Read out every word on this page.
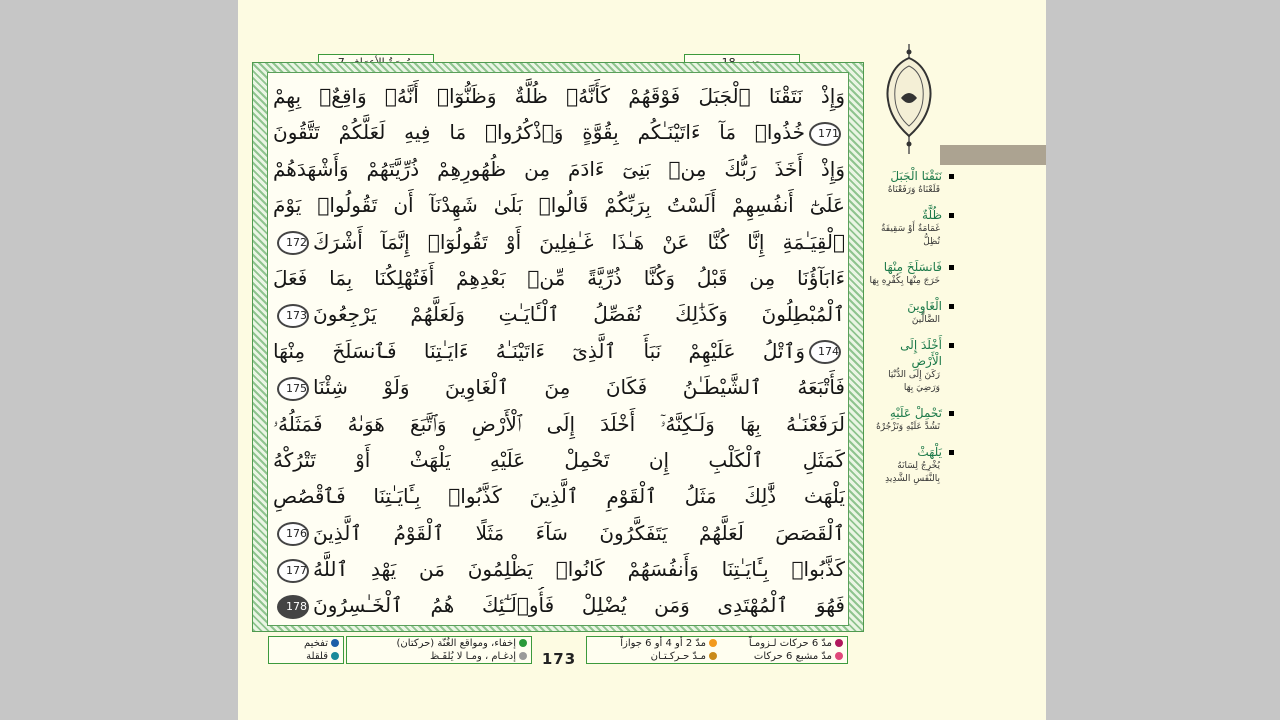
وَإِذْ نَتَقْنَا ٱلْجَبَلَ فَوْقَهُمْ كَأَنَّهُۥ ظُلَّةٌ وَظَنُّوٓا۟ أَنَّهُۥ وَاقِعٌۢ بِهِمْ
171خُذُوا۟ مَآ ءَاتَيْنَـٰكُم بِقُوَّةٍ وَٱذْكُرُوا۟ مَا فِيهِ لَعَلَّكُمْ تَتَّقُونَ
وَإِذْ أَخَذَ رَبُّكَ مِنۢ بَنِىٓ ءَادَمَ مِن ظُهُورِهِمْ ذُرِّيَّتَهُمْ وَأَشْهَدَهُمْ
عَلَىٰٓ أَنفُسِهِمْ أَلَسْتُ بِرَبِّكُمْ قَالُوا۟ بَلَىٰ شَهِدْنَآ أَن تَقُولُوا۟ يَوْمَ
ٱلْقِيَـٰمَةِ إِنَّا كُنَّا عَنْ هَـٰذَا غَـٰفِلِينَ أَوْ تَقُولُوٓا۟ إِنَّمَآ أَشْرَكَ172
ءَابَآؤُنَا مِن قَبْلُ وَكُنَّا ذُرِّيَّةً مِّنۢ بَعْدِهِمْ أَفَتُهْلِكُنَا بِمَا فَعَلَ
ٱلْمُبْطِلُونَ وَكَذَٰلِكَ نُفَصِّلُ ٱلْـَٔايَـٰتِ وَلَعَلَّهُمْ يَرْجِعُونَ173
174وَٱتْلُ عَلَيْهِمْ نَبَأَ ٱلَّذِىٓ ءَاتَيْنَـٰهُ ءَايَـٰتِنَا فَٱنسَلَخَ مِنْهَا
فَأَتْبَعَهُ ٱلشَّيْطَـٰنُ فَكَانَ مِنَ ٱلْغَاوِينَ وَلَوْ شِئْنَا175
لَرَفَعْنَـٰهُ بِهَا وَلَـٰكِنَّهُۥٓ أَخْلَدَ إِلَى ٱلْأَرْضِ وَٱتَّبَعَ هَوَىٰهُ فَمَثَلُهُۥ
كَمَثَلِ ٱلْكَلْبِ إِن تَحْمِلْ عَلَيْهِ يَلْهَثْ أَوْ تَتْرُكْهُ
يَلْهَث ذَّٰلِكَ مَثَلُ ٱلْقَوْمِ ٱلَّذِينَ كَذَّبُوا۟ بِـَٔايَـٰتِنَا فَٱقْصُصِ
ٱلْقَصَصَ لَعَلَّهُمْ يَتَفَكَّرُونَ سَآءَ مَثَلًا ٱلْقَوْمُ ٱلَّذِينَ176
كَذَّبُوا۟ بِـَٔايَـٰتِنَا وَأَنفُسَهُمْ كَانُوا۟ يَظْلِمُونَ مَن يَهْدِ ٱللَّهُ177
فَهُوَ ٱلْمُهْتَدِى وَمَن يُضْلِلْ فَأُو۟لَـٰٓئِكَ هُمُ ٱلْخَـٰسِرُونَ178
مدّ 6 حركات لـزومـاً
مدّ مشبع 6 حركات
مدّ 2 أو 4 أو 6 جوازاً
مـدّ حـركـتـان
173
إخفاء، ومواقع الغُنّة (حركتان)
إدغـام ، ومـا لا يُلفَـظ
تفخيم
قلقلة
نَتَقْنَا الْجَبَلَ
قَلَعْنَاهُ وَرَفَعْنَاهُ
ظُلَّةٌ
غَمَامَةٌ أَوْ سَقِيفَةٌ تُظِلُّ
فَانسَلَخَ مِنْهَا
خَرَجَ مِنْهَا بِكُفْرِهِ بِهَا
الْغَاوِينَ
الضَّالِّينَ
أَخْلَدَ إِلَى الْأَرْضِ
رَكَنَ إِلَى الدُّنْيَا وَرَضِيَ بِهَا
تَحْمِلْ عَلَيْهِ
تَشُدَّ عَلَيْهِ وَتَزْجُرْهُ
يَلْهَثْ
يُخْرِجُ لِسَانَهُ بِالنَّفَسِ الشَّدِيدِ
